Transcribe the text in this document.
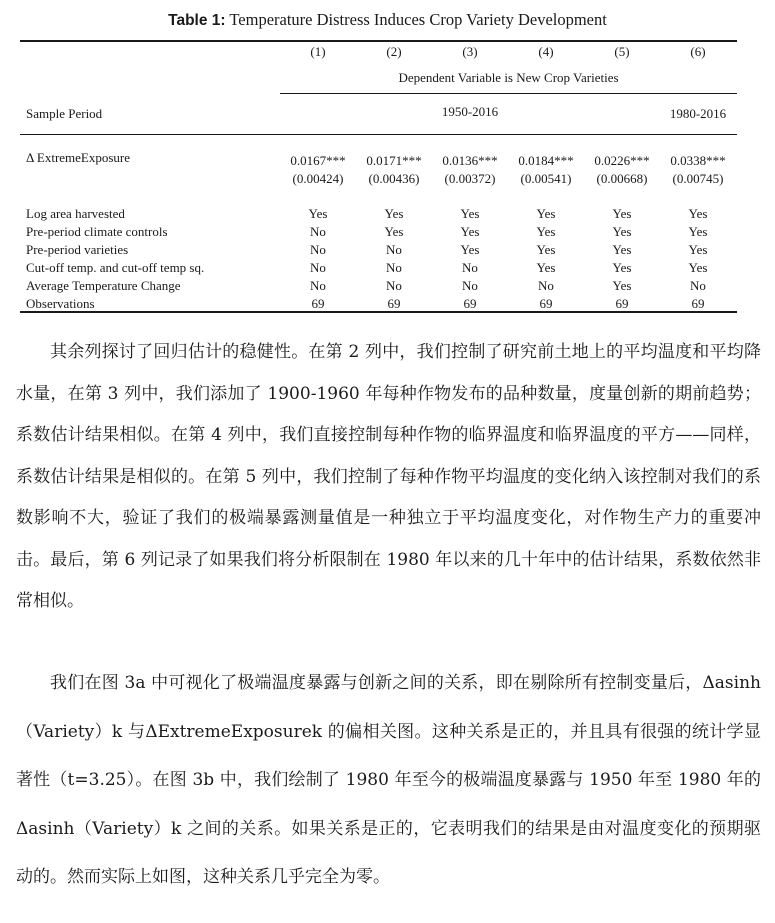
Table 1: Temperature Distress Induces Crop Variety Development
(1)	(2)	(3)	(4)	(5)	(6)
Dependent Variable is New Crop Varieties
Sample Period	1950-2016	1980-2016
Δ ExtremeExposure	0.0167***	0.0171***	0.0136***	0.0184***	0.0226***	0.0338***
(0.00424)	(0.00436)	(0.00372)	(0.00541)	(0.00668)	(0.00745)
Log area harvested	Yes	Yes	Yes	Yes	Yes	Yes
Pre-period climate controls	No	Yes	Yes	Yes	Yes	Yes
Pre-period varieties	No	No	Yes	Yes	Yes	Yes
Cut-off temp. and cut-off temp sq.	No	No	No	Yes	Yes	Yes
Average Temperature Change	No	No	No	No	Yes	No
Observations	69	69	69	69	69	69

其余列探讨了回归估计的稳健性。在第 2 列中，我们控制了研究前土地上的平均温度和平均降水量，在第 3 列中，我们添加了 1900-1960 年每种作物发布的品种数量，度量创新的期前趋势；系数估计结果相似。在第 4 列中，我们直接控制每种作物的临界温度和临界温度的平方——同样，系数估计结果是相似的。在第 5 列中，我们控制了每种作物平均温度的变化纳入该控制对我们的系数影响不大，验证了我们的极端暴露测量值是一种独立于平均温度变化，对作物生产力的重要冲击。最后，第 6 列记录了如果我们将分析限制在 1980 年以来的几十年中的估计结果，系数依然非常相似。

我们在图 3a 中可视化了极端温度暴露与创新之间的关系，即在剔除所有控制变量后，Δasinh（Variety）k 与ΔExtremeExposurek 的偏相关图。这种关系是正的，并且具有很强的统计学显著性（t=3.25）。在图 3b 中，我们绘制了 1980 年至今的极端温度暴露与 1950 年至 1980 年的Δasinh（Variety）k 之间的关系。如果关系是正的，它表明我们的结果是由对温度变化的预期驱动的。然而实际上如图，这种关系几乎完全为零。
